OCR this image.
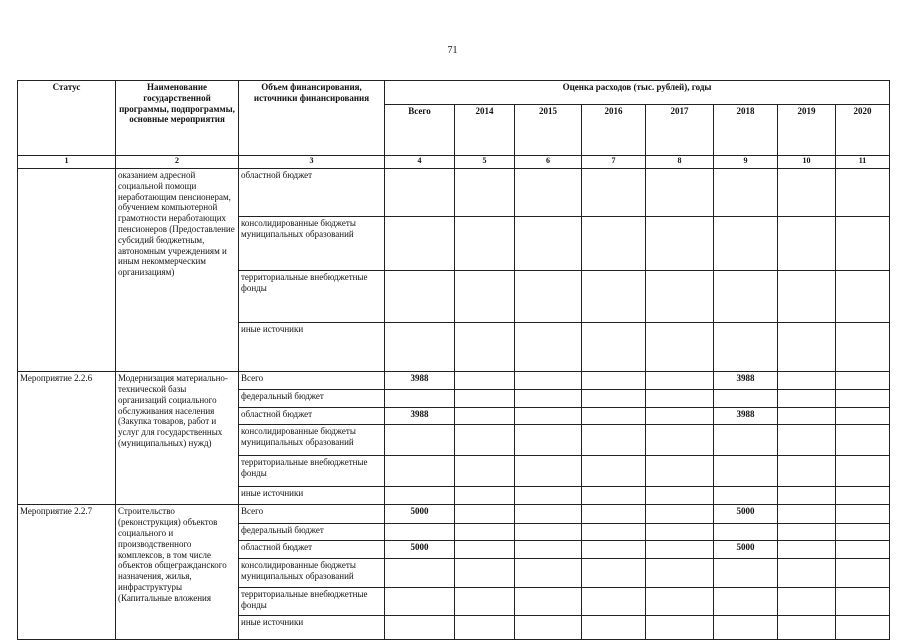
71
Статус	Наименование государственной программы, подпрограммы, основные мероприятия	Объем финансирования, источники финансирования	Оценка расходов (тыс. рублей), годы							
			Всего	2014	2015	2016	2017	2018	2019	2020
1	2	3	4	5	6	7	8	9	10	11
	оказанием адресной социальной помощи неработающим пенсионерам, обучением компьютерной грамотности неработающих пенсионеров (Предоставление субсидий бюджетным, автономным учреждениям и иным некоммерческим организациям)	областной бюджет								
		консолидированные бюджеты муниципальных образований								
		территориальные внебюджетные фонды								
		иные источники								
Мероприятие 2.2.6	Модернизация материально-технической базы организаций социального обслуживания населения (Закупка товаров, работ и услуг для государственных (муниципальных) нужд)	Всего	3988					3988		
		федеральный бюджет								
		областной бюджет	3988					3988		
		консолидированные бюджеты муниципальных образований								
		территориальные внебюджетные фонды								
		иные источники								
Мероприятие 2.2.7	Строительство (реконструкция) объектов социального и производственного комплексов, в том числе объектов общегражданского назначения, жилья, инфраструктуры (Капитальные вложения	Всего	5000					5000		
		федеральный бюджет								
		областной бюджет	5000					5000		
		консолидированные бюджеты муниципальных образований								
		территориальные внебюджетные фонды								
		иные источники								
